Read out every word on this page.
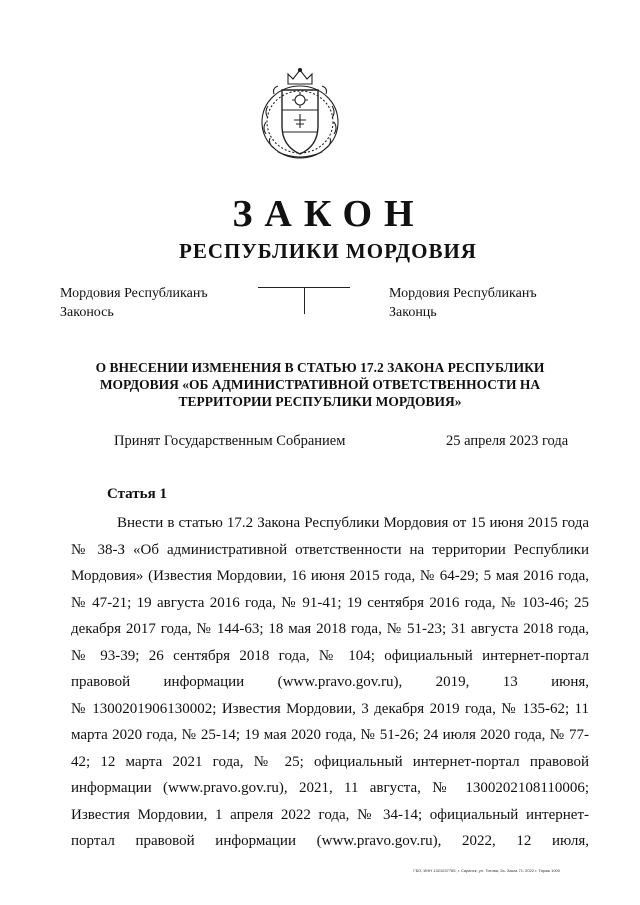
ЗАКОН
РЕСПУБЛИКИ МОРДОВИЯ
Мордовия Республиканъ
Законось
Мордовия Республиканъ
Законць
О ВНЕСЕНИИ ИЗМЕНЕНИЯ В СТАТЬЮ 17.2 ЗАКОНА РЕСПУБЛИКИ
МОРДОВИЯ «ОБ АДМИНИСТРАТИВНОЙ ОТВЕТСТВЕННОСТИ НА
ТЕРРИТОРИИ РЕСПУБЛИКИ МОРДОВИЯ»
Принят Государственным Собранием	25 апреля 2023 года
Статья 1
Внести в статью 17.2 Закона Республики Мордовия от 15 июня 2015 года
№ 38-З «Об административной ответственности на территории Республики
Мордовия» (Известия Мордовии, 16 июня 2015 года, № 64-29; 5 мая 2016 года,
№ 47-21; 19 августа 2016 года, № 91-41; 19 сентября 2016 года, № 103-46; 25
декабря 2017 года, № 144-63; 18 мая 2018 года, № 51-23; 31 августа 2018 года,
№ 93-39; 26 сентября 2018 года, № 104; официальный интернет-портал
правовой информации (www.pravo.gov.ru), 2019, 13 июня,
№ 1300201906130002; Известия Мордовии, 3 декабря 2019 года, № 135-62; 11
марта 2020 года, № 25-14; 19 мая 2020 года, № 51-26; 24 июля 2020 года, № 77-
42; 12 марта 2021 года, № 25; официальный интернет-портал правовой
информации (www.pravo.gov.ru), 2021, 11 августа, № 1300202108110006;
Известия Мордовии, 1 апреля 2022 года, № 34-14; официальный интернет-
портал правовой информации (www.pravo.gov.ru), 2022, 12 июля,
ГБО, ИНН 1321037765, г. Саранск, ул. Титова, 2а. Заказ 71. 2022 г. Тираж 1000
